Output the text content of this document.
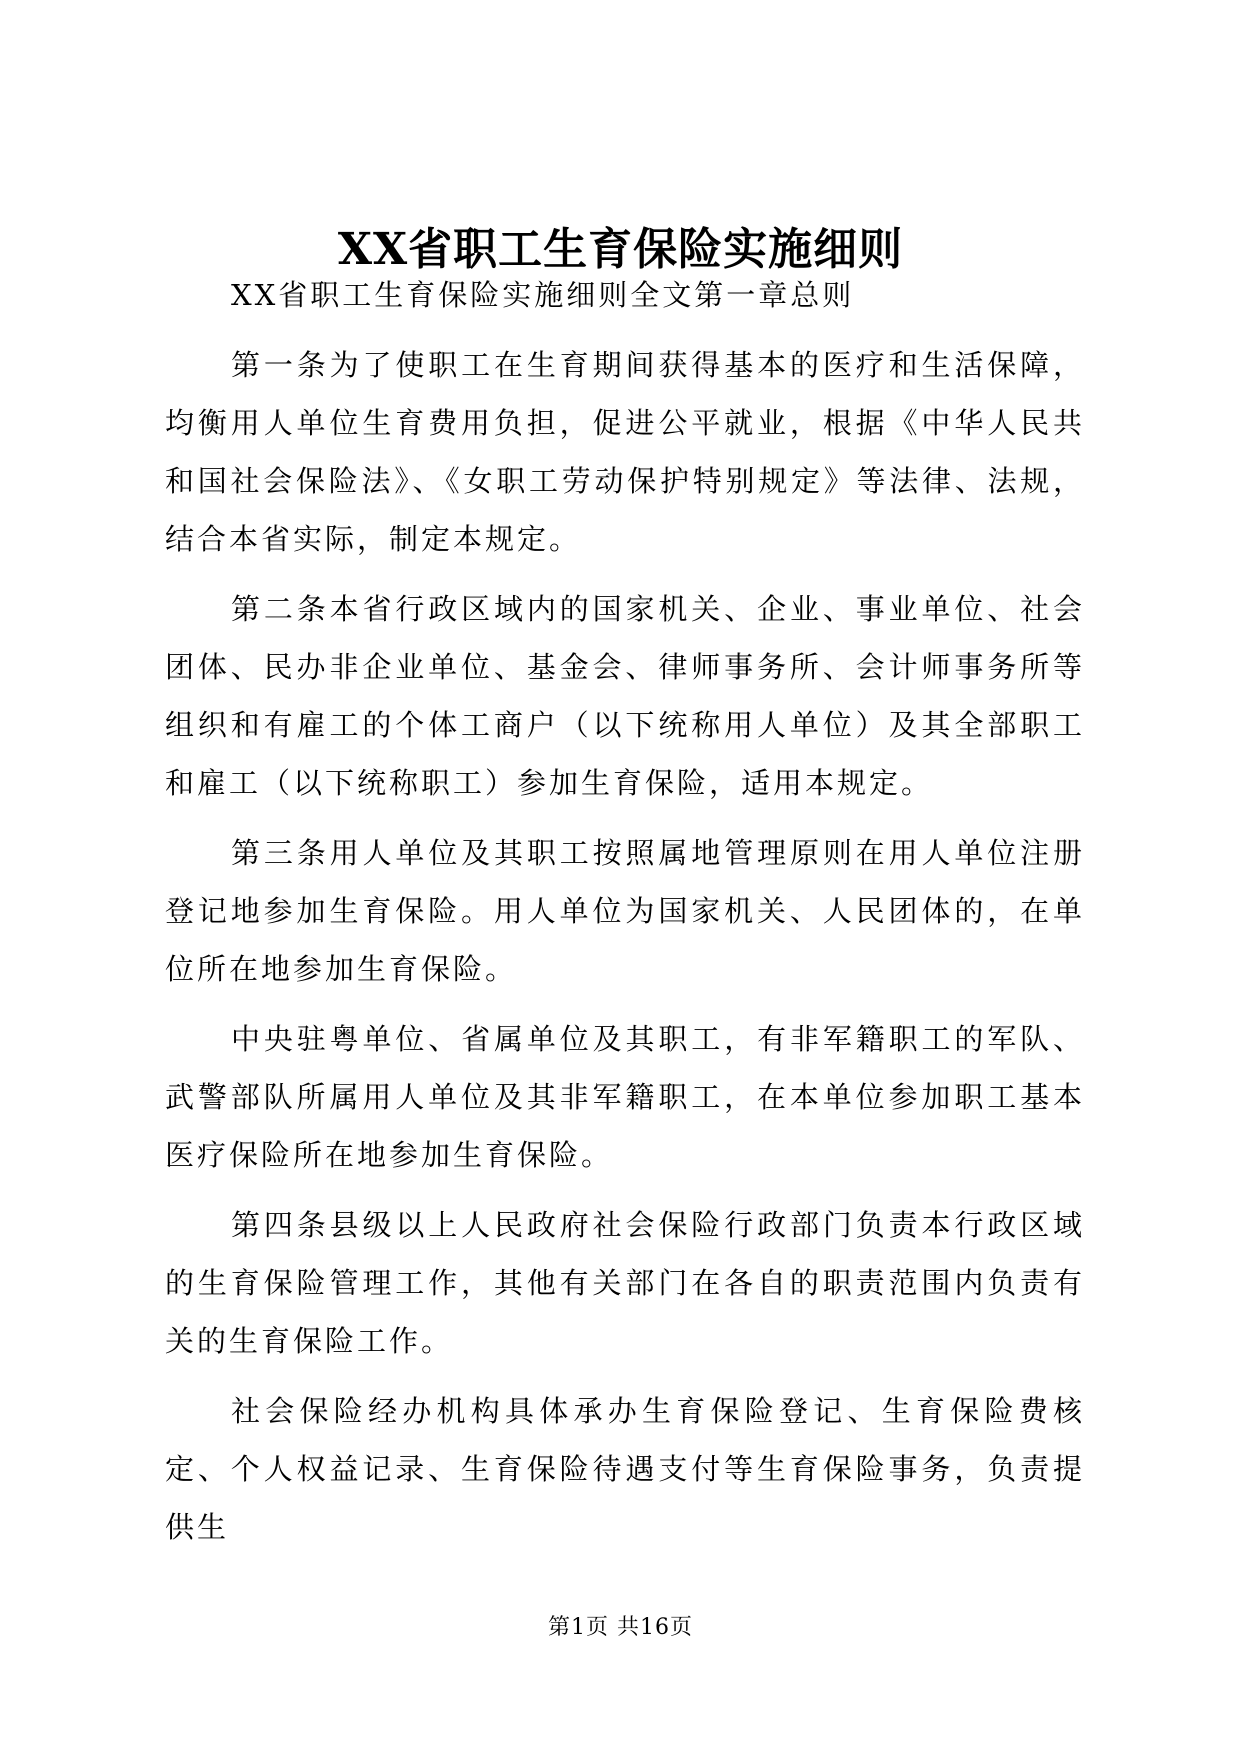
XX省职工生育保险实施细则

XX省职工生育保险实施细则全文第一章总则

第一条为了使职工在生育期间获得基本的医疗和生活保障，均衡用人单位生育费用负担，促进公平就业，根据《中华人民共和国社会保险法》、《女职工劳动保护特别规定》等法律、法规，结合本省实际，制定本规定。

第二条本省行政区域内的国家机关、企业、事业单位、社会团体、民办非企业单位、基金会、律师事务所、会计师事务所等组织和有雇工的个体工商户（以下统称用人单位）及其全部职工和雇工（以下统称职工）参加生育保险，适用本规定。

第三条用人单位及其职工按照属地管理原则在用人单位注册登记地参加生育保险。用人单位为国家机关、人民团体的，在单位所在地参加生育保险。

中央驻粤单位、省属单位及其职工，有非军籍职工的军队、武警部队所属用人单位及其非军籍职工，在本单位参加职工基本医疗保险所在地参加生育保险。

第四条县级以上人民政府社会保险行政部门负责本行政区域的生育保险管理工作，其他有关部门在各自的职责范围内负责有关的生育保险工作。

社会保险经办机构具体承办生育保险登记、生育保险费核定、个人权益记录、生育保险待遇支付等生育保险事务，负责提供生

第1页 共16页
